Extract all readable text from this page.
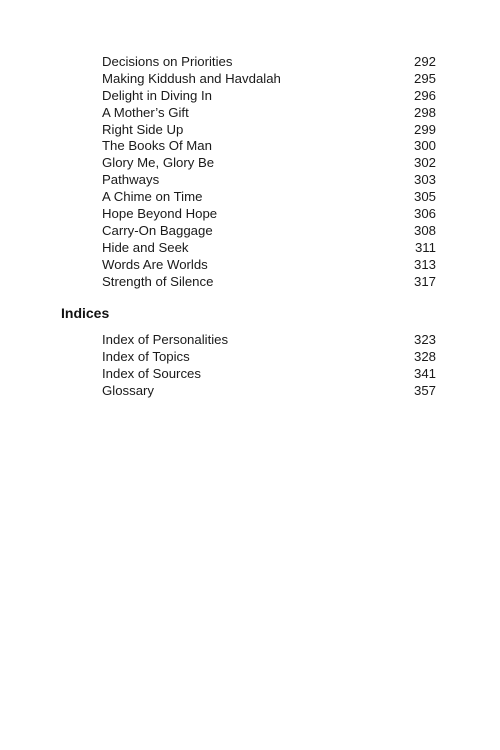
Decisions on Priorities	292
Making Kiddush and Havdalah	295
Delight in Diving In	296
A Mother’s Gift	298
Right Side Up	299
The Books Of Man	300
Glory Me, Glory Be	302
Pathways	303
A Chime on Time	305
Hope Beyond Hope	306
Carry-On Baggage	308
Hide and Seek	311
Words Are Worlds	313
Strength of Silence	317
Indices
Index of Personalities	323
Index of Topics	328
Index of Sources	341
Glossary	357
